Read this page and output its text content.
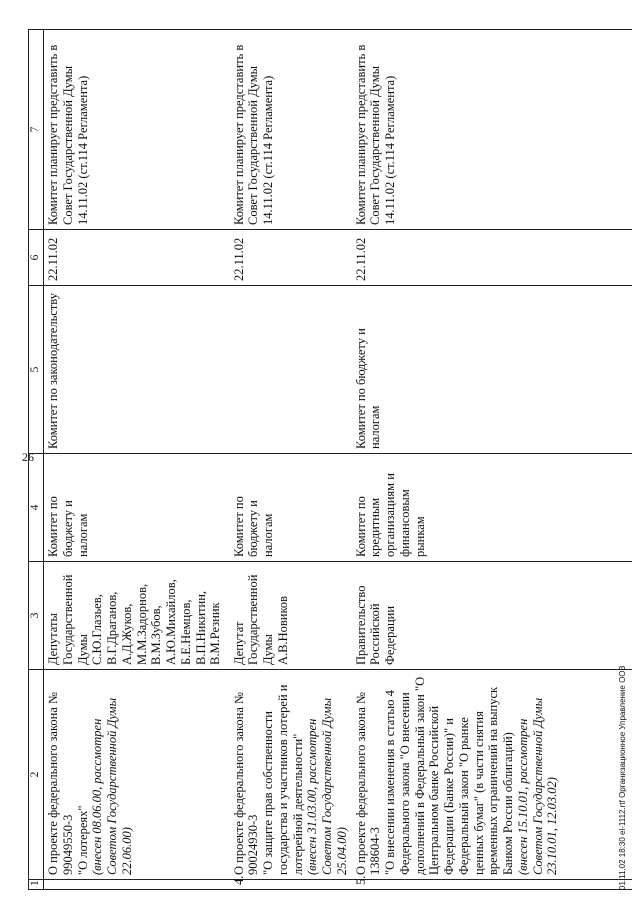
26
1	2	3	4	5	6	7

	О проекте федерального закона № 99049550-3 "О лотереях" (внесен 08.06.00, рассмотрен Советом Государственной Думы 22.06.00)	Депутаты Государственной Думы С.Ю.Глазьев, В.Г.Драганов, А.Д.Жуков, М.М.Задорнов, В.М.Зубов, А.Ю.Михайлов, Б.Е.Немцов, В.П.Никитин, В.М.Резник	Комитет по бюджету и налогам	Комитет по законодательству	22.11.02	Комитет планирует представить в Совет Государственной Думы 14.11.02 (ст.114 Регламента)
4.	О проекте федерального закона № 90024930-3 "О защите прав собственности государства и участников лотерей и лотерейной деятельности" (внесен 31.03.00, рассмотрен Советом Государственной Думы 25.04.00)	Депутат Государственной Думы А.В.Новиков	Комитет по бюджету и налогам		22.11.02	Комитет планирует представить в Совет Государственной Думы 14.11.02 (ст.114 Регламента)
5.	О проекте федерального закона № 138604-3 "О внесении изменения в статью 4 Федерального закона "О внесении дополнений в Федеральный закон "О Центральном банке Российской Федерации (Банке России)" и Федеральный закон "О рынке ценных бумаг" (в части снятия временных ограничений на выпуск Банком России облигаций) (внесен 15.10.01, рассмотрен Советом Государственной Думы 23.10.01, 12.03.02)	Правительство Российской Федерации	Комитет по кредитным организациям и финансовым рынкам	Комитет по бюджету и налогам	22.11.02	Комитет планирует представить в Совет Государственной Думы 14.11.02 (ст.114 Регламента)
01.11.02 18:30 el-1112.rtf Организационное Управление ООЗ
